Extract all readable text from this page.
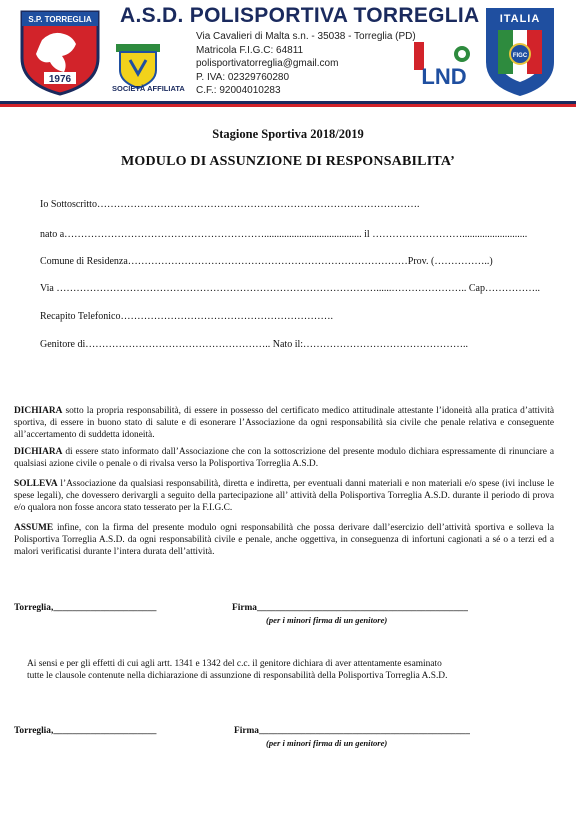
1976
S.P. TORREGLIA
SOCIETÀ AFFILIATA
A.S.D. POLISPORTIVA TORREGLIA
Via Cavalieri di Malta s.n. - 35038 - Torreglia (PD)
Matricola F.I.G.C: 64811
polisportivatorreglia@gmail.com
P. IVA: 02329760280
C.F.: 92004010283
LND
ITALIA
FIGC
Stagione Sportiva 2018/2019
MODULO DI ASSUNZIONE DI RESPONSABILITA’
Io Sottoscritto…………………………………………………………………………………….
nato a……………………………………………………....................................... il ………………………..........................
Comune di Residenza…………………………………………………………………………Prov. (……………..)
Via ……………………………………………………………………………………......………………….. Cap……………..
Recapito Telefonico……………………………………………………….
Genitore di……………………………………………….. Nato il:…………………………………………..
DICHIARA sotto la propria responsabilità, di essere in possesso del certificato medico attitudinale attestante l’idoneità alla pratica d’attività sportiva, di essere in buono stato di salute e di esonerare l’Associazione da ogni responsabilità sia civile che penale relativa e conseguente all’accertamento di suddetta idoneità.
DICHIARA di essere stato informato dall’Associazione che con la sottoscrizione del presente modulo dichiara espressamente di rinunciare a qualsiasi azione civile o penale o di rivalsa verso la Polisportiva Torreglia A.S.D.
SOLLEVA l’Associazione da qualsiasi responsabilità, diretta e indiretta, per eventuali danni materiali e non materiali e/o spese (ivi incluse le spese legali), che dovessero derivargli a seguito della partecipazione all’ attività della Polisportiva Torreglia A.S.D. durante il periodo di prova e/o qualora non fosse ancora stato tesserato per la F.I.G.C.
ASSUME infine, con la firma del presente modulo ogni responsabilità che possa derivare dall’esercizio dell’attività sportiva e solleva la Polisportiva Torreglia A.S.D. da ogni responsabilità civile e penale, anche oggettiva, in conseguenza di infortuni cagionati a sé o a terzi ed a malori verificatisi durante l’intera durata dell’attività.
Torreglia,______________________	Firma_____________________________________________
(per i minori firma di un genitore)
Ai sensi e per gli effetti di cui agli artt. 1341 e 1342 del c.c. il genitore dichiara di aver attentamente esaminato
tutte le clausole contenute nella dichiarazione di assunzione di responsabilità della Polisportiva Torreglia A.S.D.
Torreglia,______________________	Firma_____________________________________________
(per i minori firma di un genitore)
